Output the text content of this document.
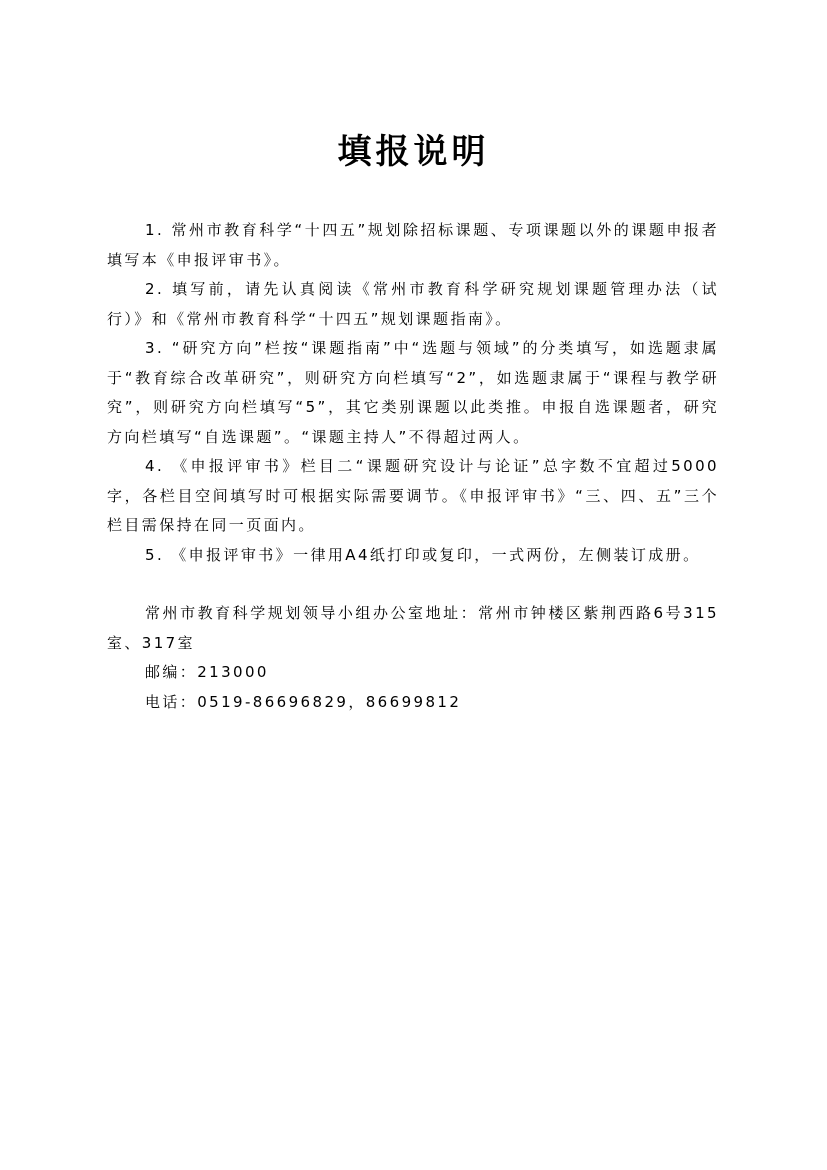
填报说明

1. 常州市教育科学“十四五”规划除招标课题、专项课题以外的课题申报者填写本《申报评审书》。

2. 填写前，请先认真阅读《常州市教育科学研究规划课题管理办法（试行）》和《常州市教育科学“十四五”规划课题指南》。

3. “研究方向”栏按“课题指南”中“选题与领域”的分类填写，如选题隶属于“教育综合改革研究”，则研究方向栏填写“2”，如选题隶属于“课程与教学研究”，则研究方向栏填写“5”，其它类别课题以此类推。申报自选课题者，研究方向栏填写“自选课题”。“课题主持人”不得超过两人。

4. 《申报评审书》栏目二“课题研究设计与论证”总字数不宜超过5000字，各栏目空间填写时可根据实际需要调节。《申报评审书》“三、四、五”三个栏目需保持在同一页面内。

5. 《申报评审书》一律用A4纸打印或复印，一式两份，左侧装订成册。

常州市教育科学规划领导小组办公室地址：常州市钟楼区紫荆西路6号315室、317室

邮编：213000

电话：0519-86696829，86699812
